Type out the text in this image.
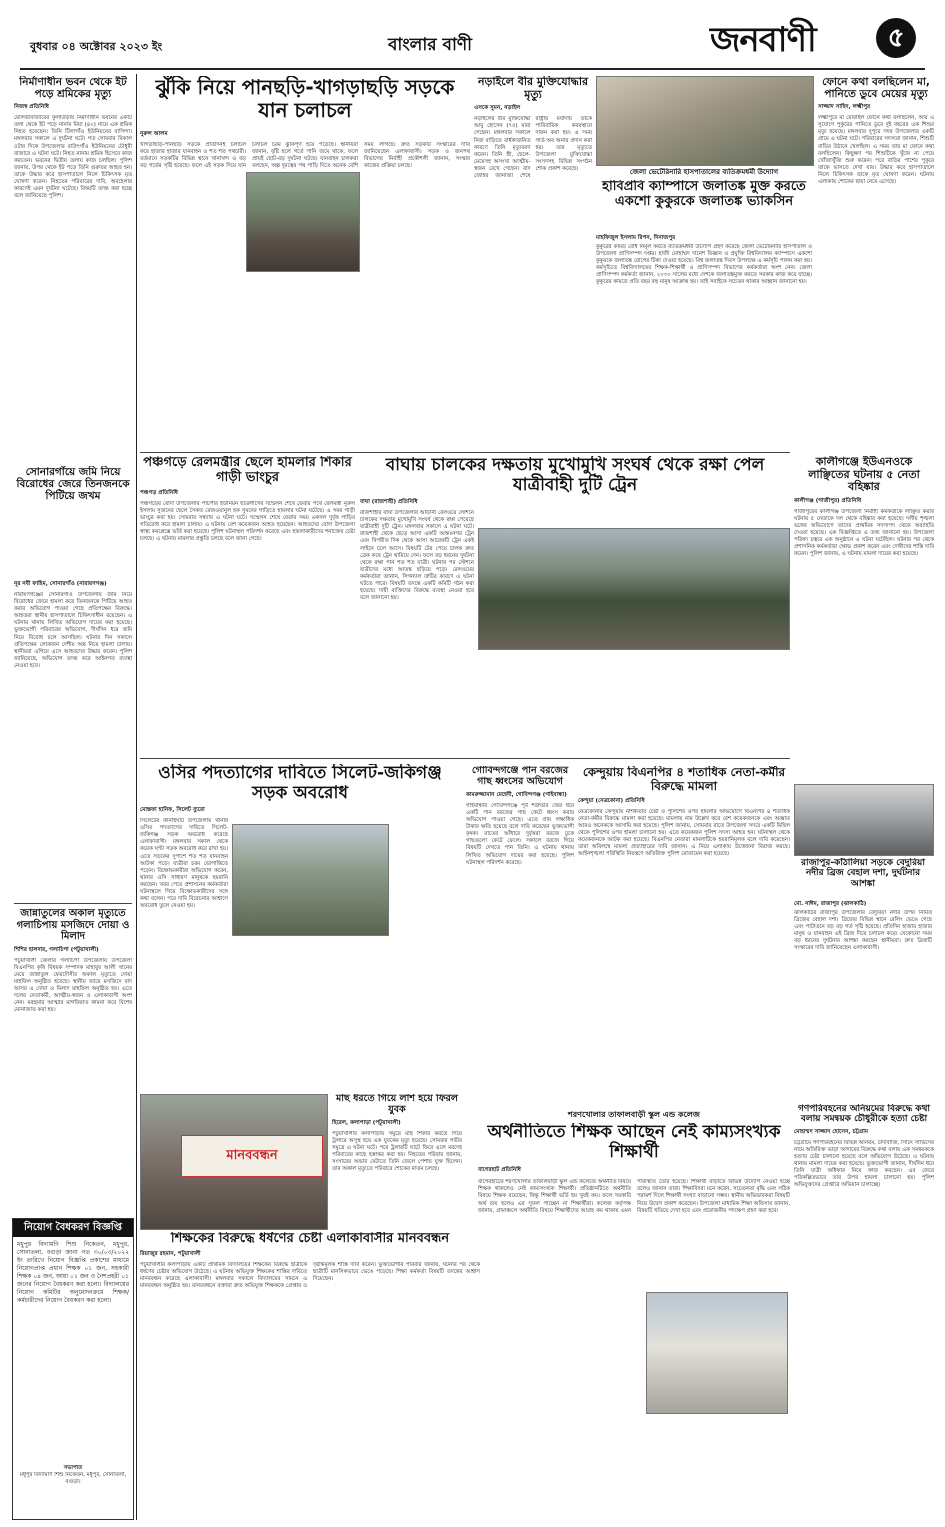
বুধবার ০৪ অক্টোবর ২০২৩ ইং	বাংলার বাণী	জনবাণী	৫
নির্মাণাধীন ভবন থেকে ইট পড়ে শ্রমিকের মৃত্যু
নিজস্ব প্রতিনিধি
মৌলভীবাজারের কুলাউড়ায় নির্মাণাধীন ভবনের একটি তলা থেকে ইট পড়ে নানাম মিয়া (৪০) নামে এক শ্রমিক নিহত হয়েছেন। তিনি টিলাগাঁও ইউনিয়নের বাসিন্দা। মঙ্গলবার সকালে এ দুর্ঘটনা ঘটে। গত সোমবার বিকাল ৫টার দিকে উপজেলার রাউৎগাঁও ইউনিয়নের চৌধুরী বাজারে এ ঘটনা ঘটে। নিহত নানাম শ্রমিক হিসেবে কাজ করতেন। ভবনের দ্বিতীয় তলায় কাজ চলছিল। পুলিশ জানায়, উপর থেকে ইট পড়ে তিনি গুরুতর আহত হন। তাকে উদ্ধার করে হাসপাতালে নিলে চিকিৎসক মৃত ঘোষণা করেন। নিহতের পরিবারের দাবি, অবহেলার কারণেই এমন দুর্ঘটনা ঘটেছে। বিষয়টি তদন্ত করা হচ্ছে বলে জানিয়েছে পুলিশ।
সোনারগাঁয়ে জমি নিয়ে বিরোধের জেরে তিনজনকে পিটিয়ে জখম
নূর নবী ফাহিম, সোনারগাঁও (নারায়ণগঞ্জ)
নারায়ণগঞ্জের সোনারগাঁও উপজেলায় জমি নিয়ে বিরোধের জেরে হামলা করে তিনজনকে পিটিয়ে আহত করার অভিযোগ পাওয়া গেছে প্রতিপক্ষের বিরুদ্ধে। আহতরা স্থানীয় হাসপাতালে চিকিৎসাধীন রয়েছেন। এ ঘটনায় থানায় লিখিত অভিযোগ দায়ের করা হয়েছে। ভুক্তভোগী পরিবারের অভিযোগ, দীর্ঘদিন ধরে জমি নিয়ে বিরোধ চলে আসছিল। ঘটনার দিন সকালে প্রতিপক্ষের লোকজন দেশীয় অস্ত্র নিয়ে হামলা চালায়। স্থানীয়রা এগিয়ে এসে আহতদের উদ্ধার করেন। পুলিশ জানিয়েছে, অভিযোগ তদন্ত করে আইনগত ব্যবস্থা নেওয়া হবে।
জান্নাতুলের অকাল মৃত্যুতে গলাচিপায় মসজিদে দোয়া ও মিলাদ
শিশির হালদার, গলাচিপা (পটুয়াখালী)
পটুয়াখালী জেলার গলাচিপা উপজেলায় উপজেলা বিএনপির কৃষি বিষয়ক সম্পাদক মাহাবুব আলী খানের মেয়ে জান্নাতুল ফেরদৌসীর অকাল মৃত্যুতে দোয়া মাহফিল অনুষ্ঠিত হয়েছে। স্থানীয় জামে মসজিদে বাদ আসর এ দোয়া ও মিলাদ মাহফিল অনুষ্ঠিত হয়। এতে দলের নেতাকর্মী, আত্মীয়-স্বজন ও এলাকাবাসী অংশ নেন। মরহুমার আত্মার মাগফিরাত কামনা করে বিশেষ মোনাজাত করা হয়।
নিয়োগ বৈধকরণ বিজ্ঞপ্তি
মধুপুর বিদ্যামণি শিশু নিকেতন, মধুপুর, সোনাতলা, বগুড়া জানা গত ৩০/০৩/২০২২ ইং তারিখে নিয়োগ বিজ্ঞপ্তি প্রকাশের মাধ্যমে নিয়োগপ্রাপ্ত প্রধান শিক্ষক ০১ জন, সহকারী শিক্ষক ০৪ জন, আয়া ০১ জন ও নৈশপ্রহরী ০১ জনের নিয়োগ বৈধকরণ করা হলো। বিদ্যালয়ের নিয়োগ কমিটির অনুমোদনক্রমে শিক্ষক/কর্মচারীদের নিয়োগ বৈধকরণ করা হলো।
সভাপতি
মধুপুর বিদ্যামণি শিশু নিকেতন, মধুপুর, সোনাতলা, বগুড়া।
ঝুঁকি নিয়ে পানছড়ি-খাগড়াছড়ি সড়কে যান চলাচল
নুরুল আলম
খাগড়াছড়ি-পানছড়ি সড়কে প্রতিদিনই চলাচল করে হাজার হাজার যানবাহন ও শত শত পথচারী। বর্তমানে সড়কটির বিভিন্ন স্থানে খানাখন্দ ও বড় বড় গর্তের সৃষ্টি হয়েছে। ফলে এই সড়ক দিয়ে যান চলাচল চরম ঝুঁকিপূর্ণ হয়ে পড়েছে। স্থানীয়রা জানান, বৃষ্টি হলে গর্তে পানি জমে থাকে, ফলে প্রায়ই ছোট-বড় দুর্ঘটনা ঘটছে। যানবাহন চালকরা বলছেন, অল্প দূরত্বের পথ পাড়ি দিতে অনেক বেশি সময় লাগছে। দ্রুত সড়কটি সংস্কারের দাবি জানিয়েছেন এলাকাবাসী। সড়ক ও জনপথ বিভাগের নির্বাহী প্রকৌশলী জানান, সংস্কার কাজের প্রক্রিয়া চলছে।
নড়াইলে বীর মুক্তিযোদ্ধার মৃত্যু
এসকে সুমন, নড়াইল
নড়াইলের বীর মুক্তিযোদ্ধা আবু হোসেন (৭৫) মারা গেছেন। মঙ্গলবার সকালে নিজ বাড়িতে বার্ধক্যজনিত কারণে তিনি মৃত্যুবরণ করেন। তিনি স্ত্রী, ছেলে-মেয়েসহ অসংখ্য আত্মীয়-স্বজন রেখে গেছেন। বাদ জোহর জানাজা শেষে রাষ্ট্রীয় মর্যাদায় তাকে পারিবারিক কবরস্থানে দাফন করা হয়। এ সময় গার্ড অব অনার প্রদান করা হয়। তার মৃত্যুতে উপজেলা মুক্তিযোদ্ধা সংসদসহ বিভিন্ন সংগঠন শোক প্রকাশ করেছে।	জেলা ভেটেরিনারি হাসপাতালের ব্যতিক্রমধর্মী উদ্যোগ
হাবিপ্রবি ক্যাম্পাসে জলাতঙ্ক মুক্ত করতে একশো কুকুরকে জলাতঙ্ক ভ্যাকসিন
মাহফিজুল ইসলাম রিপন, দিনাজপুর
কুকুরের কামড় রোধ নির্মূল করতে ব্যতিক্রমধর্মী উদ্যোগ গ্রহণ করেছে জেলা ভেটেরিনারি হাসপাতাল ও উপজেলা প্রাণিসম্পদ দপ্তর। হাজী মোহাম্মদ দানেশ বিজ্ঞান ও প্রযুক্তি বিশ্ববিদ্যালয় ক্যাম্পাসে একশো কুকুরকে জলাতঙ্ক রোগের টিকা দেওয়া হয়েছে। বিশ্ব জলাতঙ্ক দিবস উপলক্ষে এ কর্মসূচি পালন করা হয়। কর্মসূচিতে বিশ্ববিদ্যালয়ের শিক্ষক-শিক্ষার্থী ও প্রাণিসম্পদ বিভাগের কর্মকর্তারা অংশ নেন। জেলা প্রাণিসম্পদ কর্মকর্তা জানান, ২০৩০ সালের মধ্যে দেশকে জলাতঙ্কমুক্ত করতে সরকার কাজ করে যাচ্ছে। কুকুরের কামড়ে প্রতি বছর বহু মানুষ আক্রান্ত হয়। তাই সবাইকে সচেতন থাকার আহ্বান জানানো হয়।
ফোনে কথা বলছিলেন মা, পানিতে ডুবে মেয়ের মৃত্যু
সাজ্জাদ সাহিদ, লক্ষ্মীপুর
লক্ষ্মীপুরে মা মোবাইল ফোনে কথা বলছিলেন, আর এ সুযোগে পুকুরের পানিতে ডুবে দুই বছরের এক শিশুর মৃত্যু হয়েছে। মঙ্গলবার দুপুরে সদর উপজেলার একটি গ্রামে এ ঘটনা ঘটে। পরিবারের সদস্যরা জানান, শিশুটি বাড়ির উঠানে খেলছিল। এ সময় তার মা ফোনে কথা বলছিলেন। কিছুক্ষণ পর শিশুটিকে খুঁজে না পেয়ে খোঁজাখুঁজি শুরু করেন। পরে বাড়ির পাশের পুকুরে তাকে ভাসতে দেখা যায়। উদ্ধার করে হাসপাতালে নিলে চিকিৎসক তাকে মৃত ঘোষণা করেন। ঘটনায় এলাকায় শোকের ছায়া নেমে এসেছে।
পঞ্চগড়ে রেলমন্ত্রীর ছেলে হামলার শিকার গাড়ী ভাংচুর
পঞ্চগড় প্রতিনিধি
পঞ্চগড়ের বোদা উপজেলার পাঁচপীর ইউনিয়ন ছাত্রলীগের সম্মেলন শেষে ফেরার পথে রেলমন্ত্রী নূরুল ইসলাম সুজনের ছেলে সৈকত রেজওয়ানুল হক সুমনের গাড়িতে হামলার ঘটনা ঘটেছে। এ সময় গাড়ী ভাংচুর করা হয়। সোমবার সন্ধ্যায় এ ঘটনা ঘটে। সম্মেলন শেষে ফেরার সময় একদল দুর্বৃত্ত গাড়ির গতিরোধ করে হামলা চালায়। এ ঘটনায় বেশ কয়েকজন আহত হয়েছেন। আহতদের বোদা উপজেলা স্বাস্থ্য কমপ্লেক্সে ভর্তি করা হয়েছে। পুলিশ ঘটনাস্থল পরিদর্শন করেছে এবং হামলাকারীদের শনাক্তের চেষ্টা চলছে। এ ঘটনায় মামলার প্রস্তুতি চলছে বলে জানা গেছে।
বাঘায় চালকের দক্ষতায় মুখোমুখি সংঘর্ষ থেকে রক্ষা পেল যাত্রীবাহী দুটি ট্রেন
বাঘা (রাজশাহী) প্রতিনিধি
রাজশাহীর বাঘা উপজেলার আড়ানী রেলওয়ে স্টেশনে চালকের দক্ষতায় মুখোমুখি সংঘর্ষ থেকে রক্ষা পেয়েছে যাত্রীবাহী দুটি ট্রেন। মঙ্গলবার সকালে এ ঘটনা ঘটে। রাজশাহী থেকে ছেড়ে আসা একটি আন্তঃনগর ট্রেন এবং বিপরীত দিক থেকে আসা আরেকটি ট্রেন একই লাইনে চলে আসে। বিষয়টি টের পেয়ে চালক দ্রুত ব্রেক কষে ট্রেন থামিয়ে দেন। ফলে বড় ধরনের দুর্ঘটনা থেকে রক্ষা পান শত শত যাত্রী। ঘটনার পর স্টেশনে যাত্রীদের মধ্যে আতঙ্ক ছড়িয়ে পড়ে। রেলওয়ের কর্মকর্তারা জানান, সিগন্যাল ত্রুটির কারণে এ ঘটনা ঘটতে পারে। বিষয়টি তদন্তে একটি কমিটি গঠন করা হয়েছে। দায়ী ব্যক্তিদের বিরুদ্ধে ব্যবস্থা নেওয়া হবে বলে জানানো হয়।
কালীগঞ্জে ইউএনওকে লাঞ্ছিতের ঘটনায় ৫ নেতা বহিষ্কার
কালীগঞ্জ (গাজীপুর) প্রতিনিধি
গাজীপুরের কালীগঞ্জ উপজেলা নির্বাহী কর্মকর্তাকে লাঞ্ছিত করার ঘটনায় ৫ নেতাকে দল থেকে বহিষ্কার করা হয়েছে। দলীয় শৃঙ্খলা ভঙ্গের অভিযোগে তাদের প্রাথমিক সদস্যপদ থেকে অব্যাহতি দেওয়া হয়েছে। এক বিজ্ঞপ্তিতে এ তথ্য জানানো হয়। উপজেলা পরিষদ চত্বরে এক অনুষ্ঠানে এ ঘটনা ঘটেছিল। ঘটনার পর থেকে প্রশাসনিক কর্মকর্তারা ক্ষোভ প্রকাশ করেন এবং দোষীদের শাস্তি দাবি করেন। পুলিশ জানায়, এ ঘটনায় মামলা দায়ের করা হয়েছে।
ওসির পদত্যাগের দাবিতে সিলেট-জকিগঞ্জ সড়ক অবরোধ
মোস্তফা হানিফ, সিলেট ব্যুরো
সিলেটের কানাইঘাট উপজেলায় থানার ওসির পদত্যাগের দাবিতে সিলেট-জকিগঞ্জ সড়ক অবরোধ করেছে এলাকাবাসী। মঙ্গলবার সকাল থেকে কয়েক ঘণ্টা সড়ক অবরোধ করে রাখা হয়। এতে সড়কের দুপাশে শত শত যানবাহন আটকা পড়ে। যাত্রীরা চরম ভোগান্তিতে পড়েন। বিক্ষোভকারীরা অভিযোগ করেন, থানার ওসি সাধারণ মানুষকে হয়রানি করছেন। খবর পেয়ে প্রশাসনের কর্মকর্তারা ঘটনাস্থলে গিয়ে বিক্ষোভকারীদের সঙ্গে কথা বলেন। পরে দাবি বিবেচনার আশ্বাসে অবরোধ তুলে নেওয়া হয়।
গোবিন্দগঞ্জে পান বরজের গাছ ধ্বংসের অভিযোগ
কামরুজ্জামান মেহেদী, গোবিন্দগঞ্জ (গাইবান্ধা)
গাইবান্ধার গোবিন্দগঞ্জে পূর্ব শত্রুতার জের ধরে একটি পান বরজের গাছ কেটে ধ্বংস করার অভিযোগ পাওয়া গেছে। এতে প্রায় লক্ষাধিক টাকার ক্ষতি হয়েছে বলে দাবি করেছেন ভুক্তভোগী কৃষক। রাতের আঁধারে দুর্বৃত্তরা বরজে ঢুকে গাছগুলো কেটে ফেলে। সকালে বরজে গিয়ে বিষয়টি দেখতে পান তিনি। এ ঘটনায় থানায় লিখিত অভিযোগ দায়ের করা হয়েছে। পুলিশ ঘটনাস্থল পরিদর্শন করেছে।
কেন্দুয়ায় বিএনপির ৪ শতাধিক নেতা-কর্মীর বিরুদ্ধে মামলা
কেন্দুয়া (নেত্রকোনা) প্রতিনিধি
নেত্রকোনার কেন্দুয়ায় নাশকতার চেষ্টা ও পুলিশের ওপর হামলার অভিযোগে বিএনপির ৪ শতাধিক নেতা-কর্মীর বিরুদ্ধে মামলা করা হয়েছে। মামলায় নাম উল্লেখ করে বেশ কয়েকজনকে এবং অজ্ঞাত আরও অনেককে আসামি করা হয়েছে। পুলিশ জানায়, সোমবার রাতে উপজেলা সদরে একটি মিছিল থেকে পুলিশের ওপর হামলা চালানো হয়। এতে কয়েকজন পুলিশ সদস্য আহত হন। ঘটনাস্থল থেকে কয়েকজনকে আটক করা হয়েছে। বিএনপির নেতারা মামলাটিকে হয়রানিমূলক বলে দাবি করেছেন। তারা অবিলম্বে মামলা প্রত্যাহারের দাবি জানান। এ নিয়ে এলাকায় উত্তেজনা বিরাজ করছে। আইনশৃঙ্খলা পরিস্থিতি নিয়ন্ত্রণে অতিরিক্ত পুলিশ মোতায়েন করা হয়েছে।
রাজাপুর-কাঁঠালিয়া সড়কে বেদুরিয়া নদীর ব্রিজ বেহাল দশা, দুর্ঘটনার আশঙ্কা
মো. নাঈম, রাজাপুর (ঝালকাঠি)
ঝালকাঠির রাজাপুর উপজেলার বেদুরিয়া নদীর উপর নির্মিত ব্রিজের বেহাল দশা। ব্রিজের বিভিন্ন স্থানে রেলিং ভেঙে গেছে এবং পাটাতনে বড় বড় গর্ত সৃষ্টি হয়েছে। প্রতিদিন হাজার হাজার মানুষ ও যানবাহন এই ব্রিজ দিয়ে চলাচল করে। যেকোনো সময় বড় ধরনের দুর্ঘটনার আশঙ্কা করছেন স্থানীয়রা। দ্রুত ব্রিজটি সংস্কারের দাবি জানিয়েছেন এলাকাবাসী।
মাছ ধরতে গিয়ে লাশ হয়ে ফিরল যুবক
হিরেল, কলাপাড়া (পটুয়াখালী)
পটুয়াখালীর কলাপাড়ায় সমুদ্রে মাছ শিকার করতে গিয়ে ট্রলারে অসুস্থ হয়ে এক যুবকের মৃত্যু হয়েছে। সোমবার গভীর সমুদ্রে এ ঘটনা ঘটে। পরে ট্রলারটি ঘাটে ফিরে এলে মরদেহ পরিবারের কাছে হস্তান্তর করা হয়। নিহতের পরিবার জানায়, সংসারের অভাব মেটাতে তিনি জেলে পেশায় যুক্ত ছিলেন। তার অকাল মৃত্যুতে পরিবারে শোকের মাতম চলছে।
মানববন্ধন
শিক্ষকের বিরুদ্ধে ধর্ষণের চেষ্টা এলাকাবাসীর মানববন্ধন
রিয়াজুর রহমান, পটুয়াখালী
পটুয়াখালীর কলাপাড়ায় একটি প্রাথমিক বিদ্যালয়ের শিক্ষকের বিরুদ্ধে ছাত্রীকে ধর্ষণের চেষ্টার অভিযোগ উঠেছে। এ ঘটনায় অভিযুক্ত শিক্ষকের শাস্তির দাবিতে মানববন্ধন করেছে এলাকাবাসী। মঙ্গলবার সকালে বিদ্যালয়ের সামনে এ মানববন্ধন অনুষ্ঠিত হয়। মানববন্ধনে বক্তারা দ্রুত অভিযুক্ত শিক্ষককে গ্রেপ্তার ও দৃষ্টান্তমূলক শাস্তি দাবি করেন। ভুক্তভোগীর পরিবার জানায়, ঘটনার পর থেকে ছাত্রীটি মানসিকভাবে ভেঙে পড়েছে। শিক্ষা কর্মকর্তা বিষয়টি তদন্তের আশ্বাস দিয়েছেন।
শরণখোলার তাফালবাড়ী স্কুল এন্ড কলেজ
অর্থনীতিতে শিক্ষক আছেন নেই কাম্যসংখ্যক শিক্ষার্থী
বাগেরহাট প্রতিনিধি
বাগেরহাটের শরণখোলার তাফালবাড়ী স্কুল এন্ড কলেজে অর্থনীতি বিষয়ে শিক্ষক থাকলেও নেই কাম্যসংখ্যক শিক্ষার্থী। প্রতিষ্ঠানটিতে অর্থনীতি বিষয়ে শিক্ষক রয়েছেন, কিন্তু শিক্ষার্থী ভর্তি হয় খুবই কম। ফলে সরকারি অর্থ ব্যয় হলেও এর সুফল পাচ্ছেন না শিক্ষার্থীরা। কলেজ কর্তৃপক্ষ জানায়, গ্রামাঞ্চলে অর্থনীতি বিষয়ে শিক্ষার্থীদের আগ্রহ কম থাকায় এমন পরিস্থিতি তৈরি হয়েছে। শিক্ষার্থী বাড়াতে বিভিন্ন উদ্যোগ নেওয়া হচ্ছে বলেও জানান তারা। শিক্ষাবিদরা মনে করেন, সচেতনতা বৃদ্ধি এবং সঠিক পরামর্শ দিলে শিক্ষার্থী সংখ্যা বাড়ানো সম্ভব। স্থানীয় অভিভাবকরা বিষয়টি নিয়ে উদ্বেগ প্রকাশ করেছেন। উপজেলা মাধ্যমিক শিক্ষা অফিসার জানান, বিষয়টি খতিয়ে দেখা হবে এবং প্রয়োজনীয় পদক্ষেপ গ্রহণ করা হবে।
গণপরিবহনের অনিয়মের বিরুদ্ধে কথা বলায় সমন্বয়ক চৌধুরীকে হত্যা চেষ্টা
মোহাম্মদ সাজ্জাদ হোসেন, চট্টগ্রাম
চট্টগ্রামে গণপরিবহনের বিভিন্ন অনিয়ম, চাঁদাবাজি, সিটিং সার্ভিসের নামে অতিরিক্ত ভাড়া আদায়ের বিরুদ্ধে কথা বলায় এক সমন্বয়ককে হত্যার চেষ্টা চালানো হয়েছে বলে অভিযোগ উঠেছে। এ ঘটনায় থানায় মামলা দায়ের করা হয়েছে। ভুক্তভোগী জানান, দীর্ঘদিন ধরে তিনি যাত্রী অধিকার নিয়ে কাজ করছেন। এর জেরে পরিকল্পিতভাবে তার উপর হামলা চালানো হয়। পুলিশ অভিযুক্তদের গ্রেপ্তারে অভিযান চালাচ্ছে।
